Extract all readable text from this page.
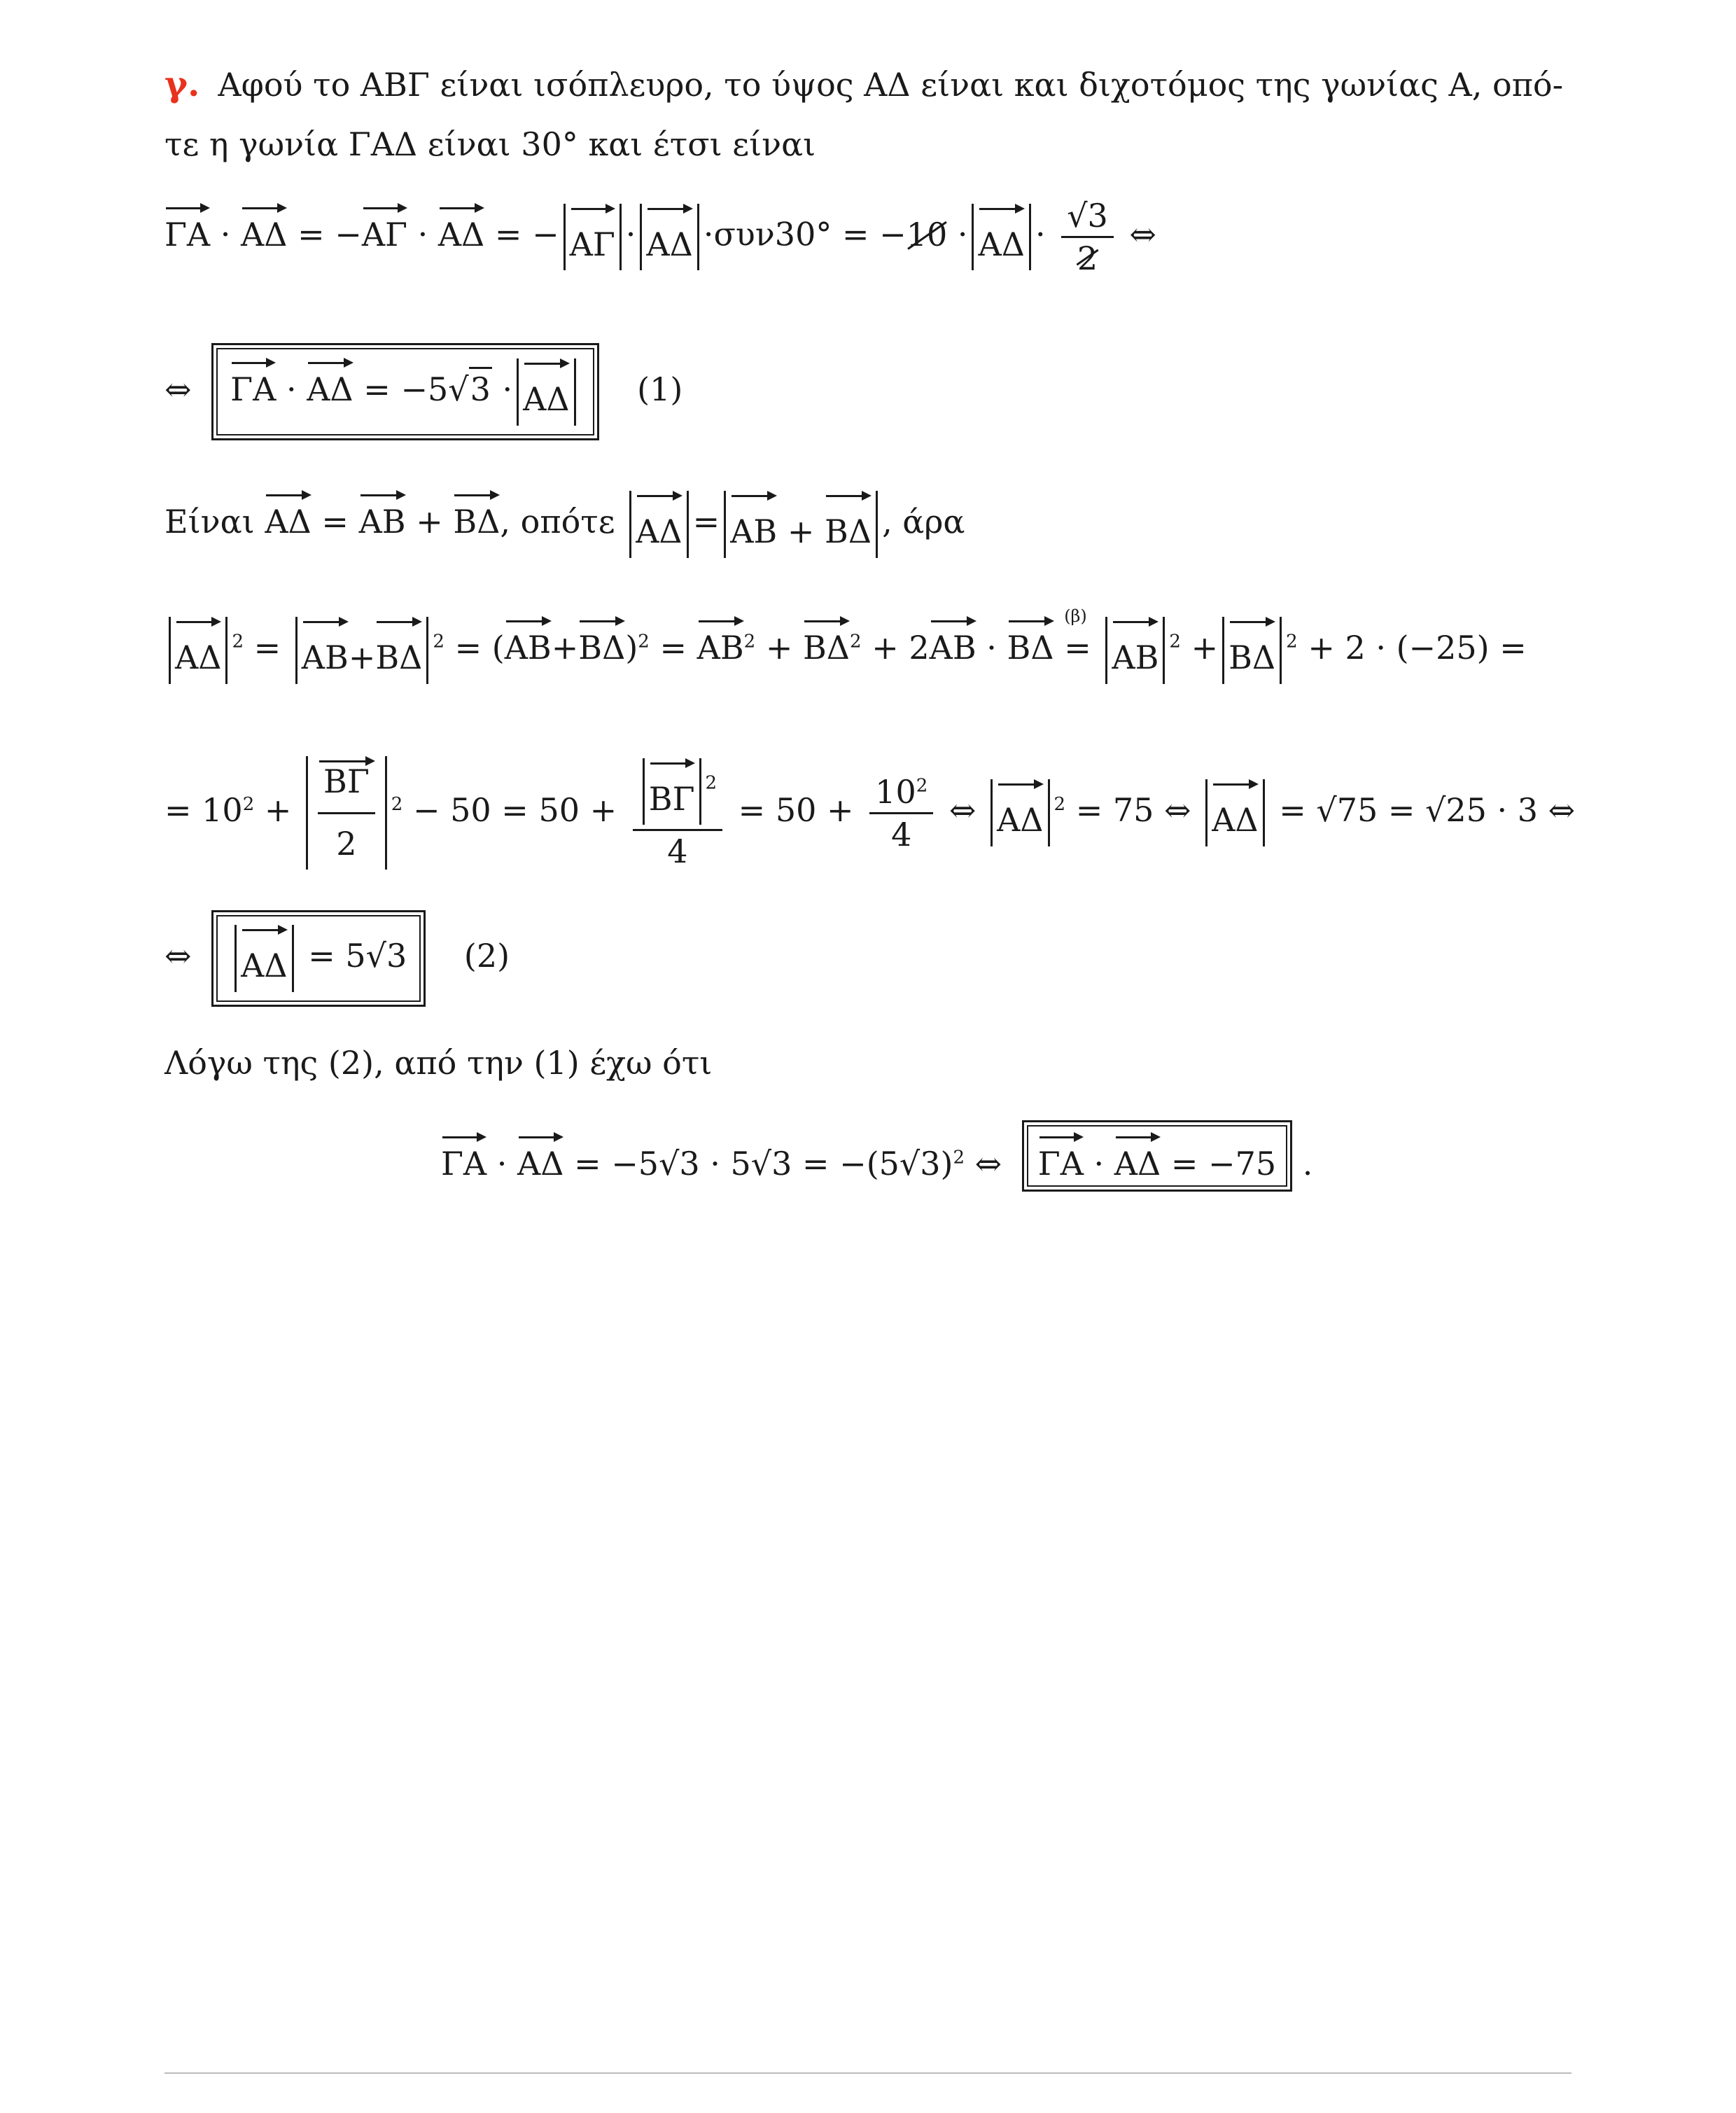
γ. Αφού το ΑΒΓ είναι ισόπλευρο, το ύψος ΑΔ είναι και διχοτόμος της γωνίας Α, οπό-
τε η γωνία ΓΑΔ είναι 30° και έτσι είναι
ΓΑ · ΑΔ = −ΑΓ · ΑΔ = − $A\Gamma \cdot A\Delta \cdot\sigma\upsilon\nu 30^\circ = -10 \cdot A\Delta \cdot \frac{√3}{2}$ ⇔
⇔ ΓΑ · ΑΔ = −5√3 · ΑΔ (1)
Είναι ΑΔ = ΑΒ + ΒΔ, οπότε ΑΔ = ΑΒ + ΒΔ , άρα
ΑΔ $^2$ = ΑΒ+ΒΔ $^2 = (AB+B\Delta)^2 = AB^2 + B\Delta^2 + 2AB \cdot B\Delta$
(β)
= ΑΒ $^2$ + ΒΔ $^2$ + 2 · (−25) =
= $10^2 + \frac{B\Gamma}{2} ^2 - 50 = 50 + \frac{B\Gamma ^2}{4} = 50 + \frac{10^2}{4}$ ⇔ ΑΔ $^2$ = 75 ⇔ ΑΔ = √75 = √25 · 3 ⇔
⇔ ΑΔ = 5√3 (2)
Λόγω της (2), από την (1) έχω ότι
$\Gamma A \cdot A\Delta = -5√3 \cdot 5√3 = -(5√3)^2$ ⇔ ΓΑ · ΑΔ = −75 .
